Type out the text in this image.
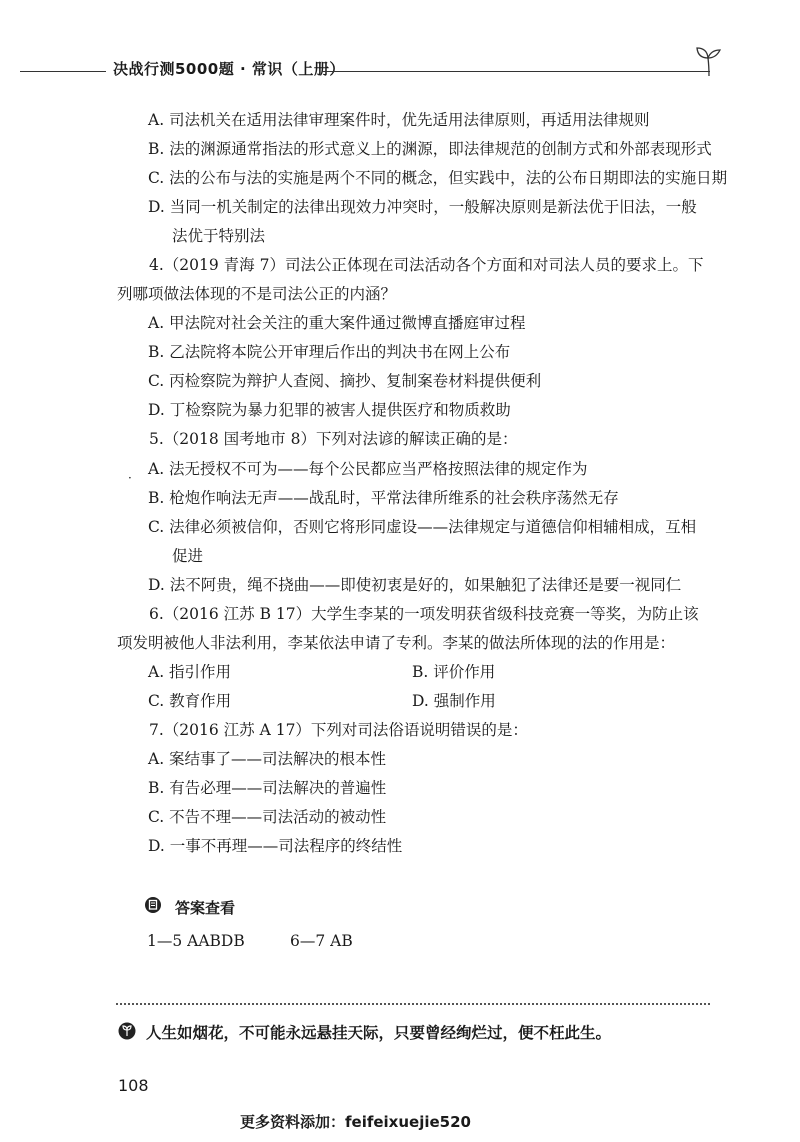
决战行测5000题 · 常识（上册）
A. 司法机关在适用法律审理案件时，优先适用法律原则，再适用法律规则
B. 法的渊源通常指法的形式意义上的渊源，即法律规范的创制方式和外部表现形式
C. 法的公布与法的实施是两个不同的概念，但实践中，法的公布日期即法的实施日期
D. 当同一机关制定的法律出现效力冲突时，一般解决原则是新法优于旧法，一般
法优于特别法
4.（2019 青海 7）司法公正体现在司法活动各个方面和对司法人员的要求上。下
列哪项做法体现的不是司法公正的内涵？
A. 甲法院对社会关注的重大案件通过微博直播庭审过程
B. 乙法院将本院公开审理后作出的判决书在网上公布
C. 丙检察院为辩护人查阅、摘抄、复制案卷材料提供便利
D. 丁检察院为暴力犯罪的被害人提供医疗和物质救助
5.（2018 国考地市 8）下列对法谚的解读正确的是：
A. 法无授权不可为——每个公民都应当严格按照法律的规定作为
B. 枪炮作响法无声——战乱时，平常法律所维系的社会秩序荡然无存
C. 法律必须被信仰，否则它将形同虚设——法律规定与道德信仰相辅相成，互相
促进
D. 法不阿贵，绳不挠曲——即使初衷是好的，如果触犯了法律还是要一视同仁
6.（2016 江苏 B 17）大学生李某的一项发明获省级科技竞赛一等奖，为防止该
项发明被他人非法利用，李某依法申请了专利。李某的做法所体现的法的作用是：
A. 指引作用	B. 评价作用
C. 教育作用	D. 强制作用
7.（2016 江苏 A 17）下列对司法俗语说明错误的是：
A. 案结事了——司法解决的根本性
B. 有告必理——司法解决的普遍性
C. 不告不理——司法活动的被动性
D. 一事不再理——司法程序的终结性
·
答案查看
1—5 AABDB	6—7 AB
人生如烟花，不可能永远悬挂天际，只要曾经绚烂过，便不枉此生。
108
更多资料添加：feifeixuejie520
